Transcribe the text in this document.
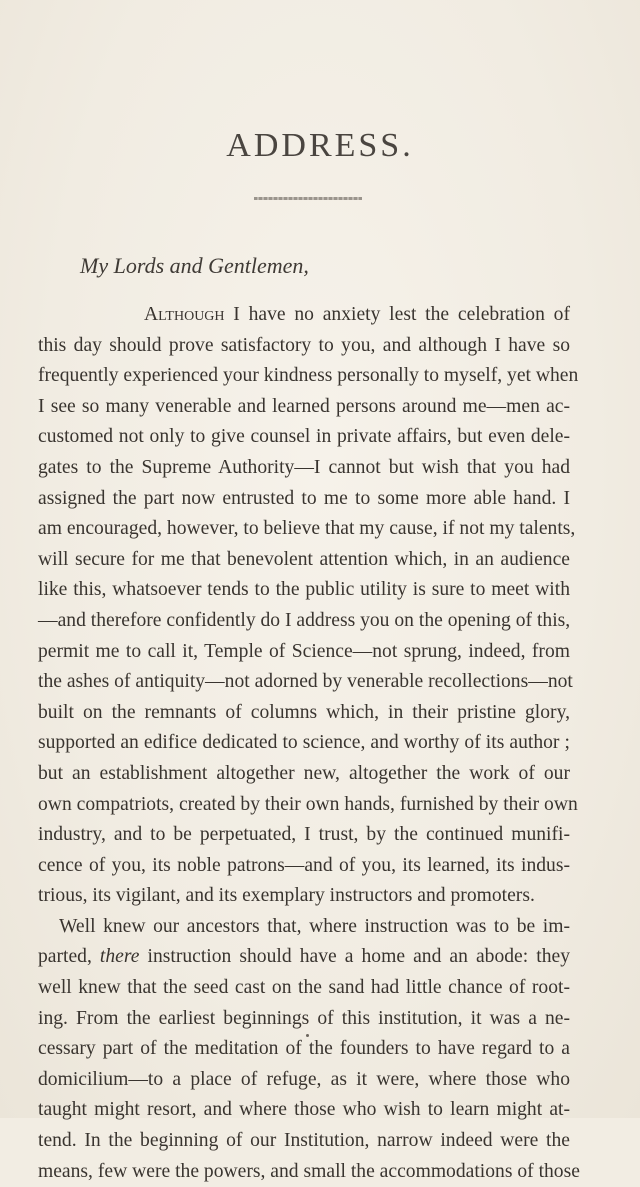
ADDRESS.
My Lords and Gentlemen,
Although I have no anxiety lest the celebration of
this day should prove satisfactory to you, and although I have so
frequently experienced your kindness personally to myself, yet when
I see so many venerable and learned persons around me—men ac-
customed not only to give counsel in private affairs, but even dele-
gates to the Supreme Authority—I cannot but wish that you had
assigned the part now entrusted to me to some more able hand. I
am encouraged, however, to believe that my cause, if not my talents,
will secure for me that benevolent attention which, in an audience
like this, whatsoever tends to the public utility is sure to meet with
—and therefore confidently do I address you on the opening of this,
permit me to call it, Temple of Science—not sprung, indeed, from
the ashes of antiquity—not adorned by venerable recollections—not
built on the remnants of columns which, in their pristine glory,
supported an edifice dedicated to science, and worthy of its author ;
but an establishment altogether new, altogether the work of our
own compatriots, created by their own hands, furnished by their own
industry, and to be perpetuated, I trust, by the continued munifi-
cence of you, its noble patrons—and of you, its learned, its indus-
trious, its vigilant, and its exemplary instructors and promoters.
Well knew our ancestors that, where instruction was to be im-
parted, there instruction should have a home and an abode: they
well knew that the seed cast on the sand had little chance of root-
ing. From the earliest beginnings of this institution, it was a ne-
cessary part of the meditation of the founders to have regard to a
domicilium—to a place of refuge, as it were, where those who
taught might resort, and where those who wish to learn might at-
tend. In the beginning of our Institution, narrow indeed were the
means, few were the powers, and small the accommodations of those
